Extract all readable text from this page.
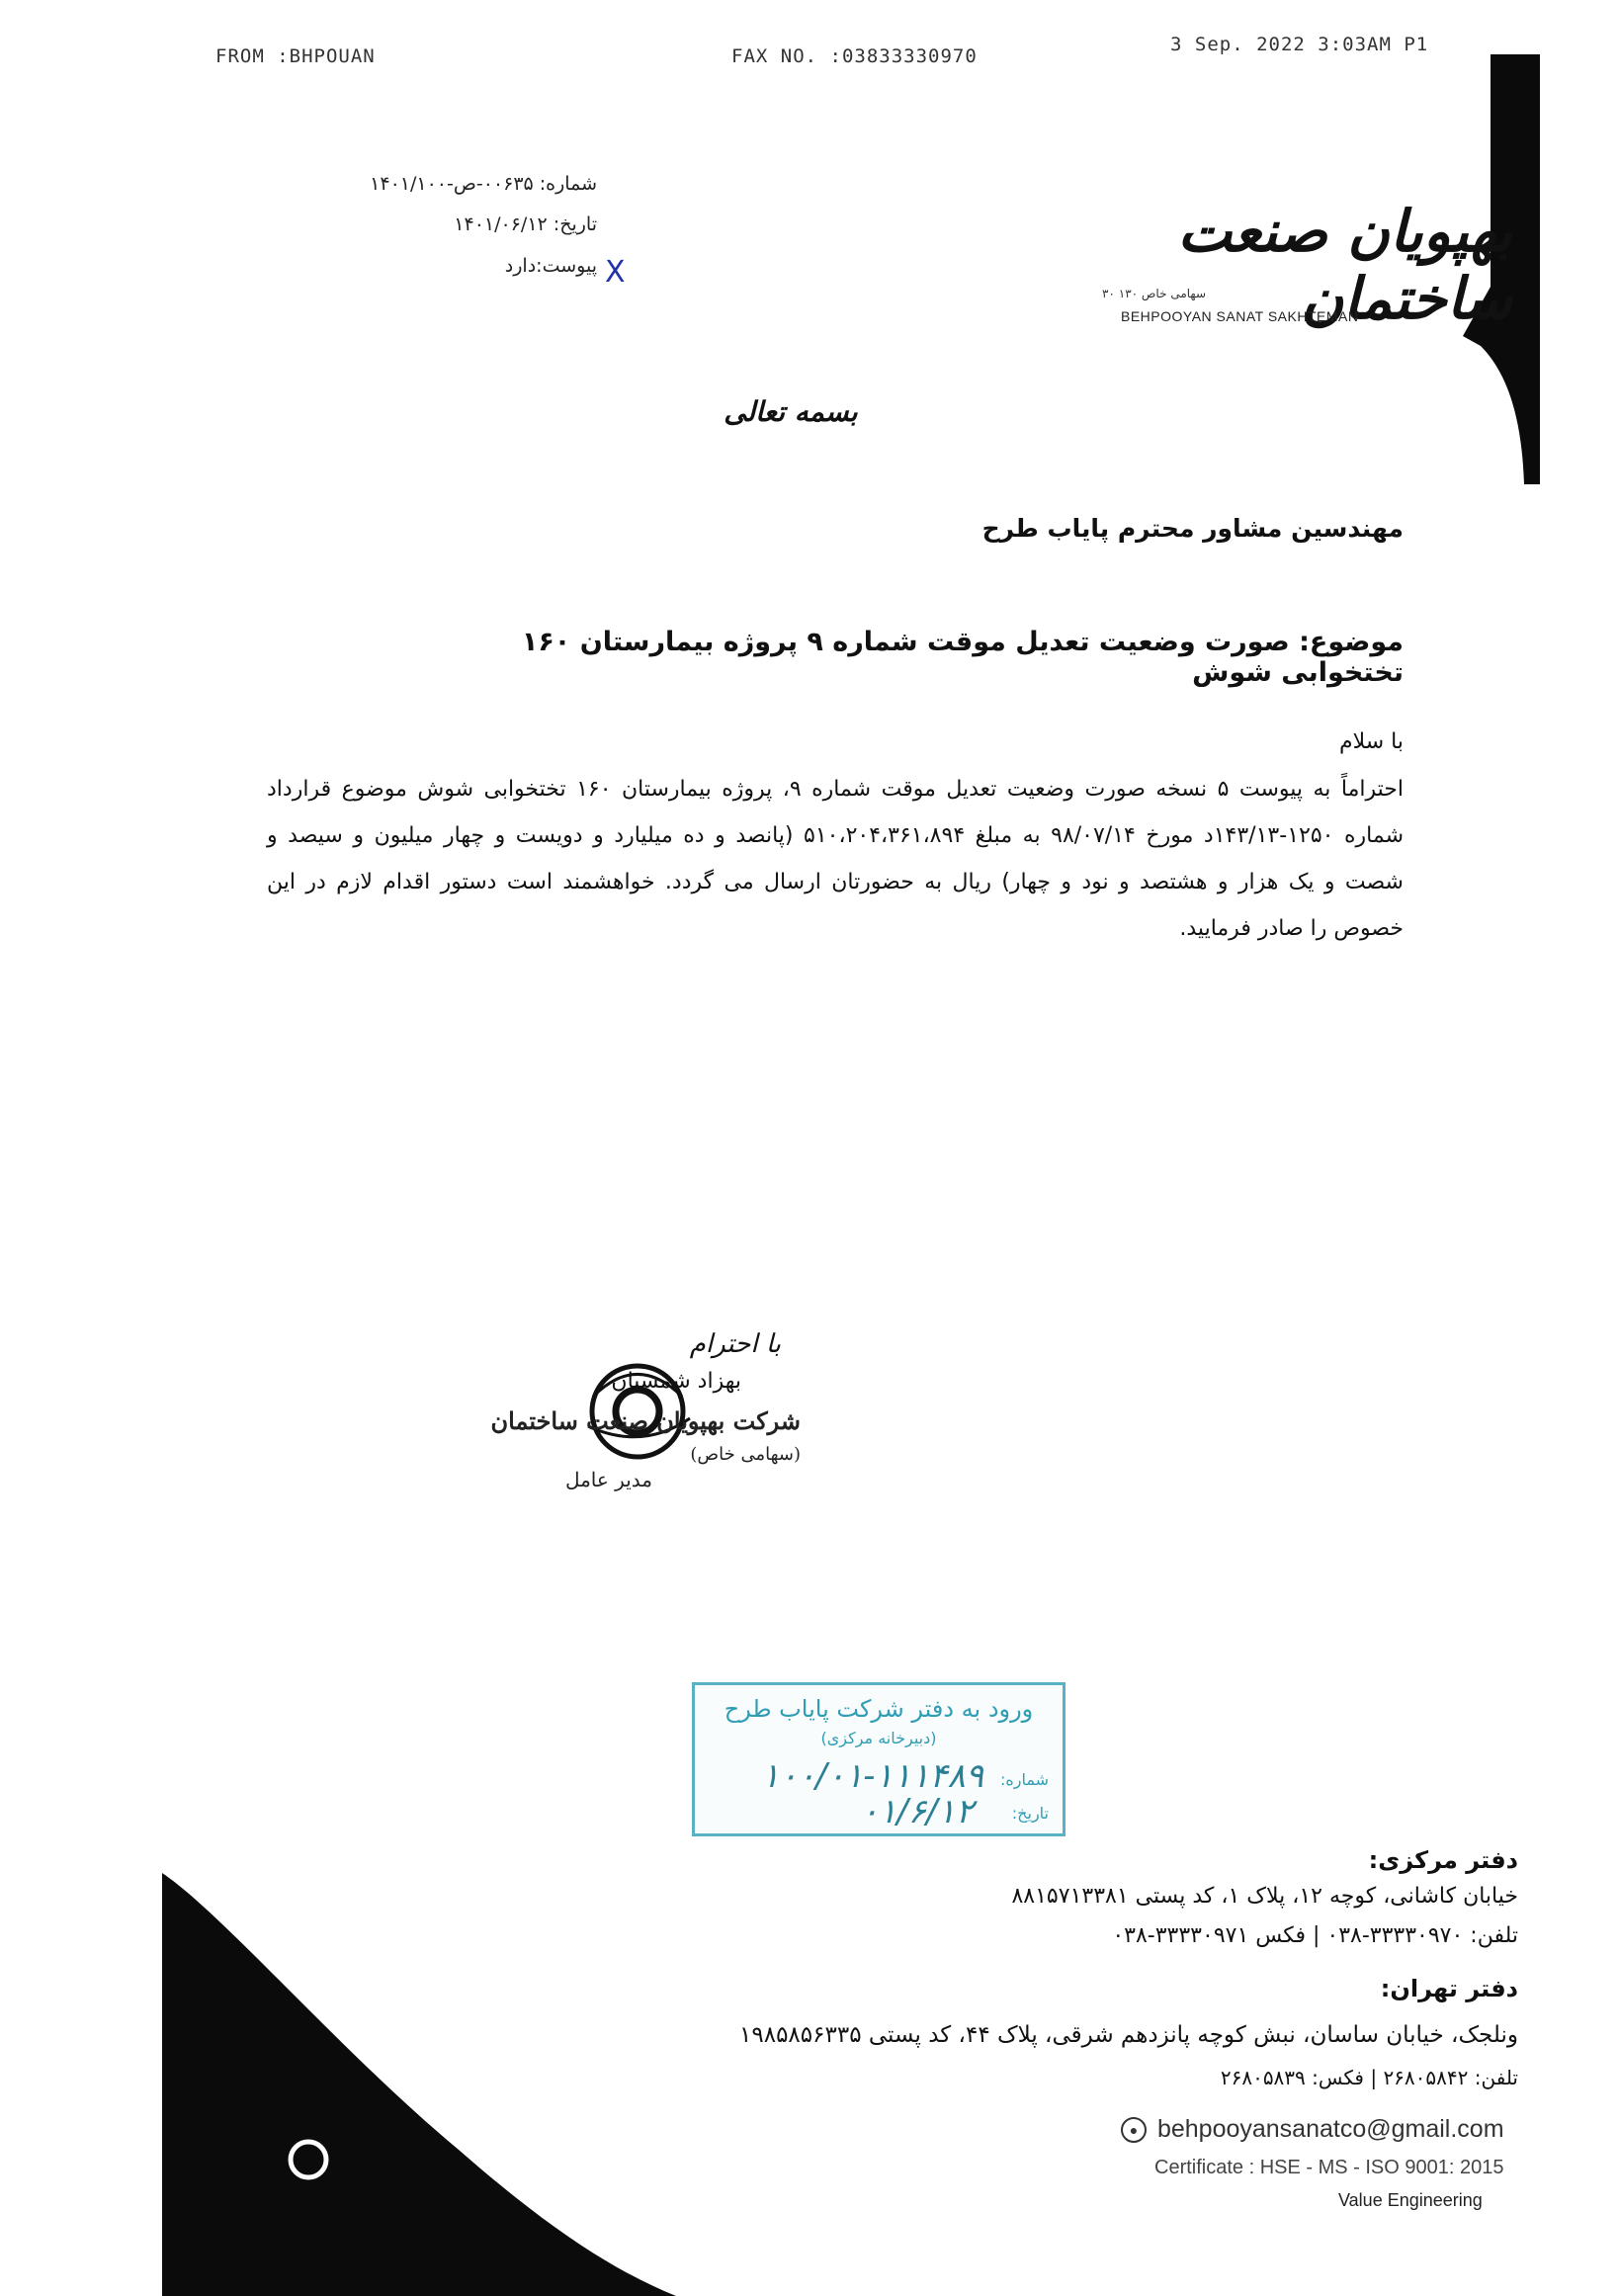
FROM :BHPOUAN	FAX NO. :03833330970
3 Sep. 2022 3:03AM P1
شماره: ۰۰۶۳۵-ص-۱۴۰۱/۱۰۰
تاریخ: ۱۴۰۱/۰۶/۱۲
پیوست:دارد X
بهپویان صنعت ساختمان
سهامی خاص ۱۳۰ ۳۰
BEHPOOYAN SANAT SAKHTEMAN
بسمه تعالی
مهندسین مشاور محترم پایاب طرح
موضوع: صورت وضعیت تعدیل موقت شماره ۹ پروژه بیمارستان ۱۶۰ تختخوابی شوش
با سلام
احتراماً به پیوست ۵ نسخه صورت وضعیت تعدیل موقت شماره ۹، پروژه بیمارستان ۱۶۰ تختخوابی شوش موضوع قرارداد شماره ۱۲۵۰-۱۴۳/۱۳د مورخ ۹۸/۰۷/۱۴ به مبلغ ۵۱۰،۲۰۴،۳۶۱،۸۹۴ (پانصد و ده میلیارد و دویست و چهار میلیون و سیصد و شصت و یک هزار و هشتصد و نود و چهار) ریال به حضورتان ارسال می گردد. خواهشمند است دستور اقدام لازم در این خصوص را صادر فرمایید.
با احترام
بهزاد شمسیان
شرکت بهپویان صنعت ساختمان
(سهامی خاص)
مدیر عامل
ورود به دفتر شرکت پایاب طرح
(دبیرخانه مرکزی)
شماره:
۱۰۰/۰۱-۱۱۱۴۸۹
تاریخ:
۰۱/۶/۱۲
دفتر مرکزی:
خیابان کاشانی، کوچه ۱۲، پلاک ۱، کد پستی ۸۸۱۵۷۱۳۳۸۱
تلفن: ۳۳۳۳۰۹۷۰-۰۳۸ | فکس ۳۳۳۳۰۹۷۱-۰۳۸
دفتر تهران:
ونلجک، خیابان ساسان، نبش کوچه پانزدهم شرقی، پلاک ۴۴، کد پستی ۱۹۸۵۸۵۶۳۳۵
تلفن: ۲۶۸۰۵۸۴۲ | فکس: ۲۶۸۰۵۸۳۹
● behpooyansanatco@gmail.com
Certificate : HSE - MS - ISO 9001: 2015
Value Engineering
